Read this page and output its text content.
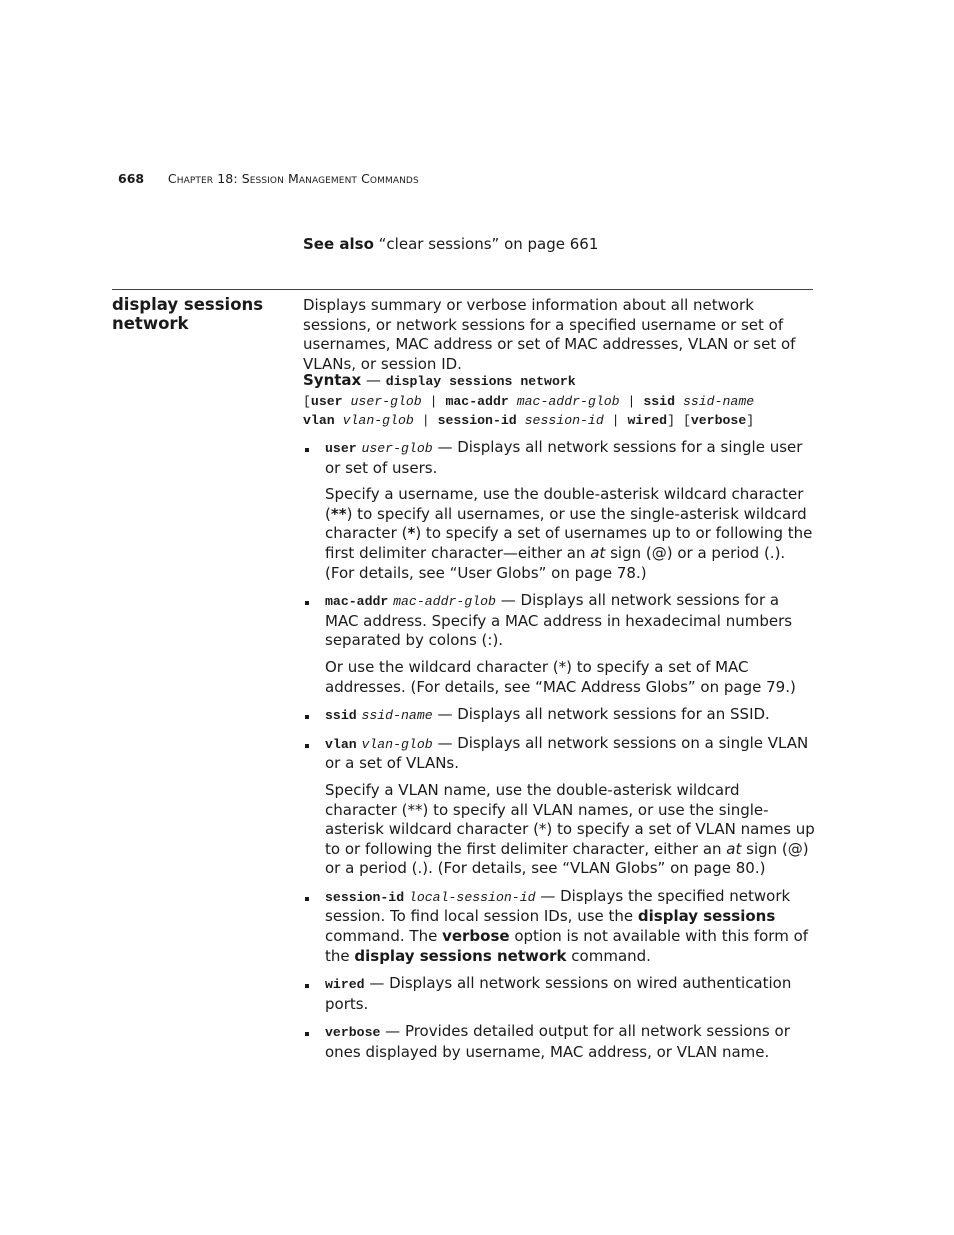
668 Chapter 18: Session Management Commands
See also “clear sessions” on page 661
display sessions
network
Displays summary or verbose information about all network sessions, or network sessions for a specified username or set of usernames, MAC address or set of MAC addresses, VLAN or set of VLANs, or session ID.
Syntax — display sessions network
[user user-glob | mac-addr mac-addr-glob | ssid ssid-name
vlan vlan-glob | session-id session-id | wired] [verbose]

user user-glob — Displays all network sessions for a single user or set of users.

Specify a username, use the double-asterisk wildcard character (**) to specify all usernames, or use the single-asterisk wildcard character (*) to specify a set of usernames up to or following the first delimiter character—either an at sign (@) or a period (.). (For details, see “User Globs” on page 78.)

mac-addr mac-addr-glob — Displays all network sessions for a MAC address. Specify a MAC address in hexadecimal numbers separated by colons (:).

Or use the wildcard character (*) to specify a set of MAC addresses. (For details, see “MAC Address Globs” on page 79.)

ssid ssid-name — Displays all network sessions for an SSID.

vlan vlan-glob — Displays all network sessions on a single VLAN or a set of VLANs.

Specify a VLAN name, use the double-asterisk wildcard character (**) to specify all VLAN names, or use the single-asterisk wildcard character (*) to specify a set of VLAN names up to or following the first delimiter character, either an at sign (@) or a period (.). (For details, see “VLAN Globs” on page 80.)

session-id local-session-id — Displays the specified network session. To find local session IDs, use the display sessions command. The verbose option is not available with this form of the display sessions network command.

wired — Displays all network sessions on wired authentication ports.

verbose — Provides detailed output for all network sessions or ones displayed by username, MAC address, or VLAN name.
